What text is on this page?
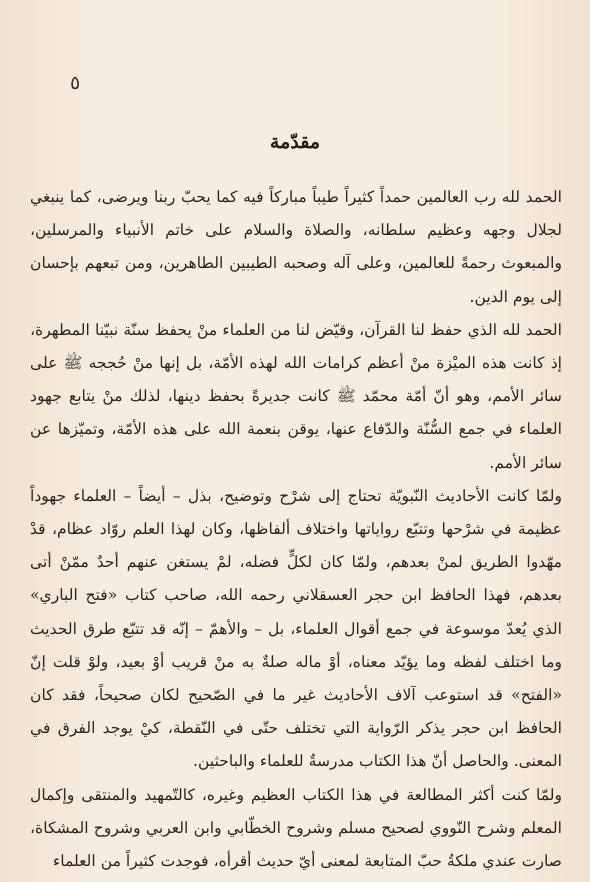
٥
مقدّمة

الحمد لله رب العالمين حمداً كثيراً طيباً مباركاً فيه كما يحبّ ربنا ويرضى، كما ينبغي لجلال وجهه وعظيم سلطانه، والصلاة والسلام على خاتم الأنبياء والمرسلين، والمبعوث رحمةً للعالمين، وعلى آله وصحبه الطيبين الطاهرين، ومن تبعهم بإحسان إلى يوم الدين.

الحمد لله الذي حفظ لنا القرآن، وقيّض لنا من العلماء منْ يحفظ سنّة نبيّنا المطهرة، إذ كانت هذه الميْزة منْ أعظم كرامات الله لهذه الأمّة، بل إنها منْ حُججه ﷺ على سائر الأمم، وهو أنّ أمّة محمّد ﷺ كانت جديرةً بحفظ دينها، لذلك منْ يتابع جهود العلماء في جمع السُّنّة والدّفاع عنها، يوقن بنعمة الله على هذه الأمّة، وتميّزها عن سائر الأمم.

ولمّا كانت الأحاديث النّبويّة تحتاج إلى شرْح وتوضيح، بذل – أيضاً – العلماء جهوداً عظيمة في شرْحها وتتبّع رواياتها واختلاف ألفاظها، وكان لهذا العلم روّاد عظام، قدْ مهّدوا الطريق لمنْ بعدهم، ولمّا كان لكلٍّ فضله، لمْ يستغن عنهم أحدٌ ممّنْ أتى بعدهم، فهذا الحافظ ابن حجر العسقلاني رحمه الله، صاحب كتاب «فتح الباري» الذي يُعدّ موسوعة في جمع أقوال العلماء، بل – والأهمّ – إنّه قد تتبّع طرق الحديث وما اختلف لفظه وما يؤيّد معناه، أوْ ماله صلةٌ به منْ قريب أوْ بعيد، ولوْ قلت إنّ «الفتح» قد استوعب آلاف الأحاديث غير ما في الصّحيح لكان صحيحاً، فقد كان الحافظ ابن حجر يذكر الرّواية التي تختلف حتّى في النّقطة، كيْ يوجد الفرق في المعنى. والحاصل أنّ هذا الكتاب مدرسةٌ للعلماء والباحثين.

ولمّا كنت أكثر المطالعة في هذا الكتاب العظيم وغيره، كالتّمهيد والمنتقى وإكمال المعلم وشرح النّووي لصحيح مسلم وشروح الخطّابي وابن العربي وشروح المشكاة، صارت عندي ملكةُ حبّ المتابعة لمعنى أيّ حديث أقرأه، فوجدت كثيراً من العلماء
